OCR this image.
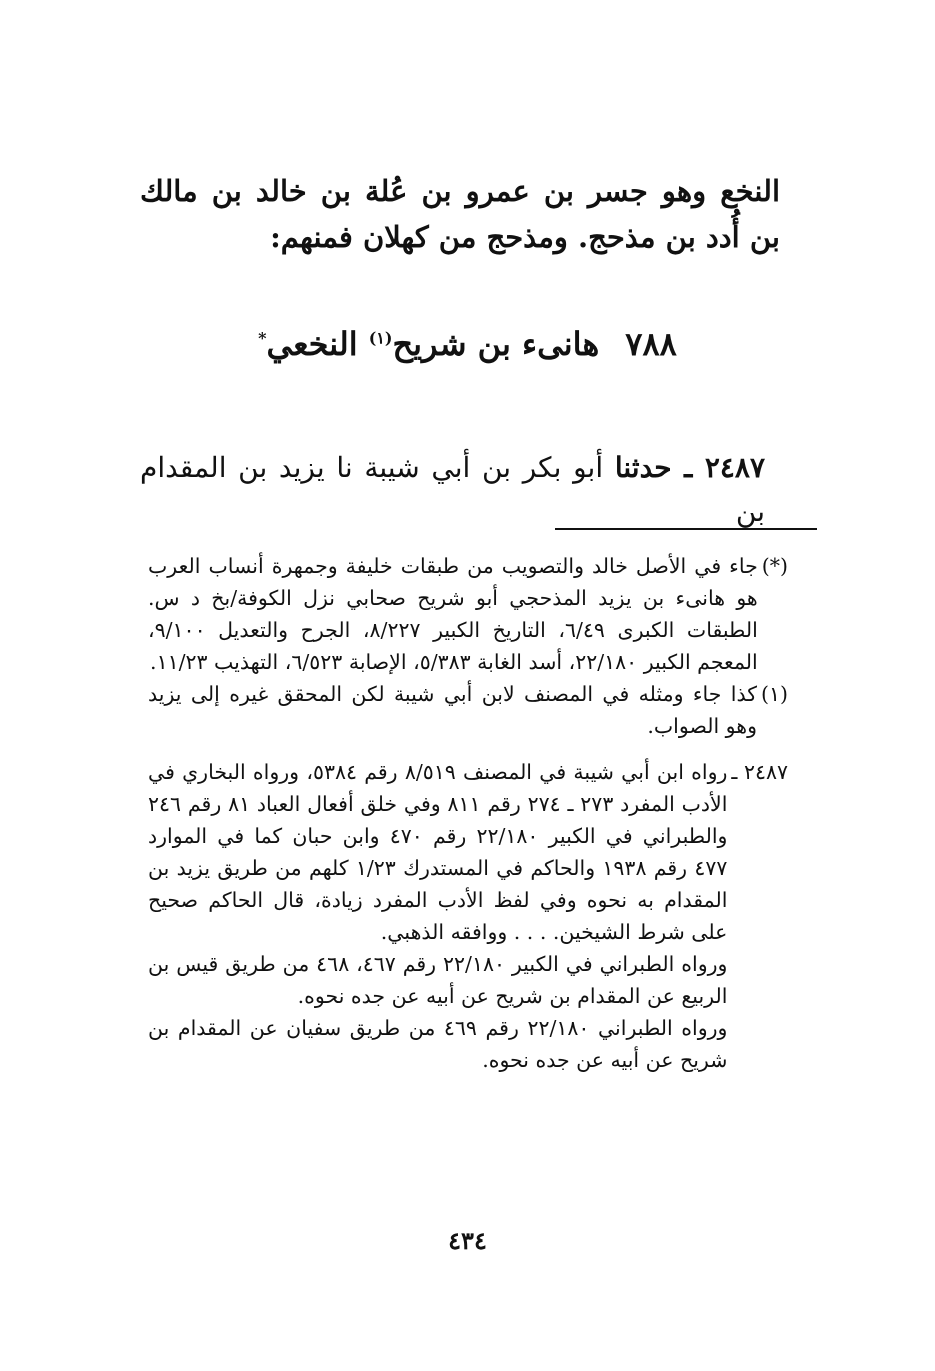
النخع وهو جسر بن عمرو بن عُلة بن خالد بن مالك بن أُدد بن مذحج. ومذحج من كهلان فمنهم:
٧٨٨هانىء بن شريح$^{(١)}$ النخعي*
٢٤٨٧ ـ حدثنا أبو بكر بن أبي شيبة نا يزيد بن المقدام بن
(*)

جاء في الأصل خالد والتصويب من طبقات خليفة وجمهرة أنساب العرب هو هانىء بن يزيد المذحجي أبو شريح صحابي نزل الكوفة/بخ د س. الطبقات الكبرى ٦/٤٩، التاريخ الكبير ٨/٢٢٧، الجرح والتعديل ٩/١٠٠، المعجم الكبير ٢٢/١٨٠، أسد الغابة ٥/٣٨٣، الإصابة ٦/٥٢٣، التهذيب ١١/٢٣.

(١)

كذا جاء ومثله في المصنف لابن أبي شيبة لكن المحقق غيره إلى يزيد وهو الصواب.

٢٤٨٧ ـ

رواه ابن أبي شيبة في المصنف ٨/٥١٩ رقم ٥٣٨٤، ورواه البخاري في الأدب المفرد ٢٧٣ ـ ٢٧٤ رقم ٨١١ وفي خلق أفعال العباد ٨١ رقم ٢٤٦ والطبراني في الكبير ٢٢/١٨٠ رقم ٤٧٠ وابن حبان كما في الموارد ٤٧٧ رقم ١٩٣٨ والحاكم في المستدرك ١/٢٣ كلهم من طريق يزيد بن المقدام به نحوه وفي لفظ الأدب المفرد زيادة، قال الحاكم صحيح على شرط الشيخين. . . . ووافقه الذهبي.

ورواه الطبراني في الكبير ٢٢/١٨٠ رقم ٤٦٧، ٤٦٨ من طريق قيس بن الربيع عن المقدام بن شريح عن أبيه عن جده نحوه.

ورواه الطبراني ٢٢/١٨٠ رقم ٤٦٩ من طريق سفيان عن المقدام بن شريح عن أبيه عن جده نحوه.

٤٣٤
